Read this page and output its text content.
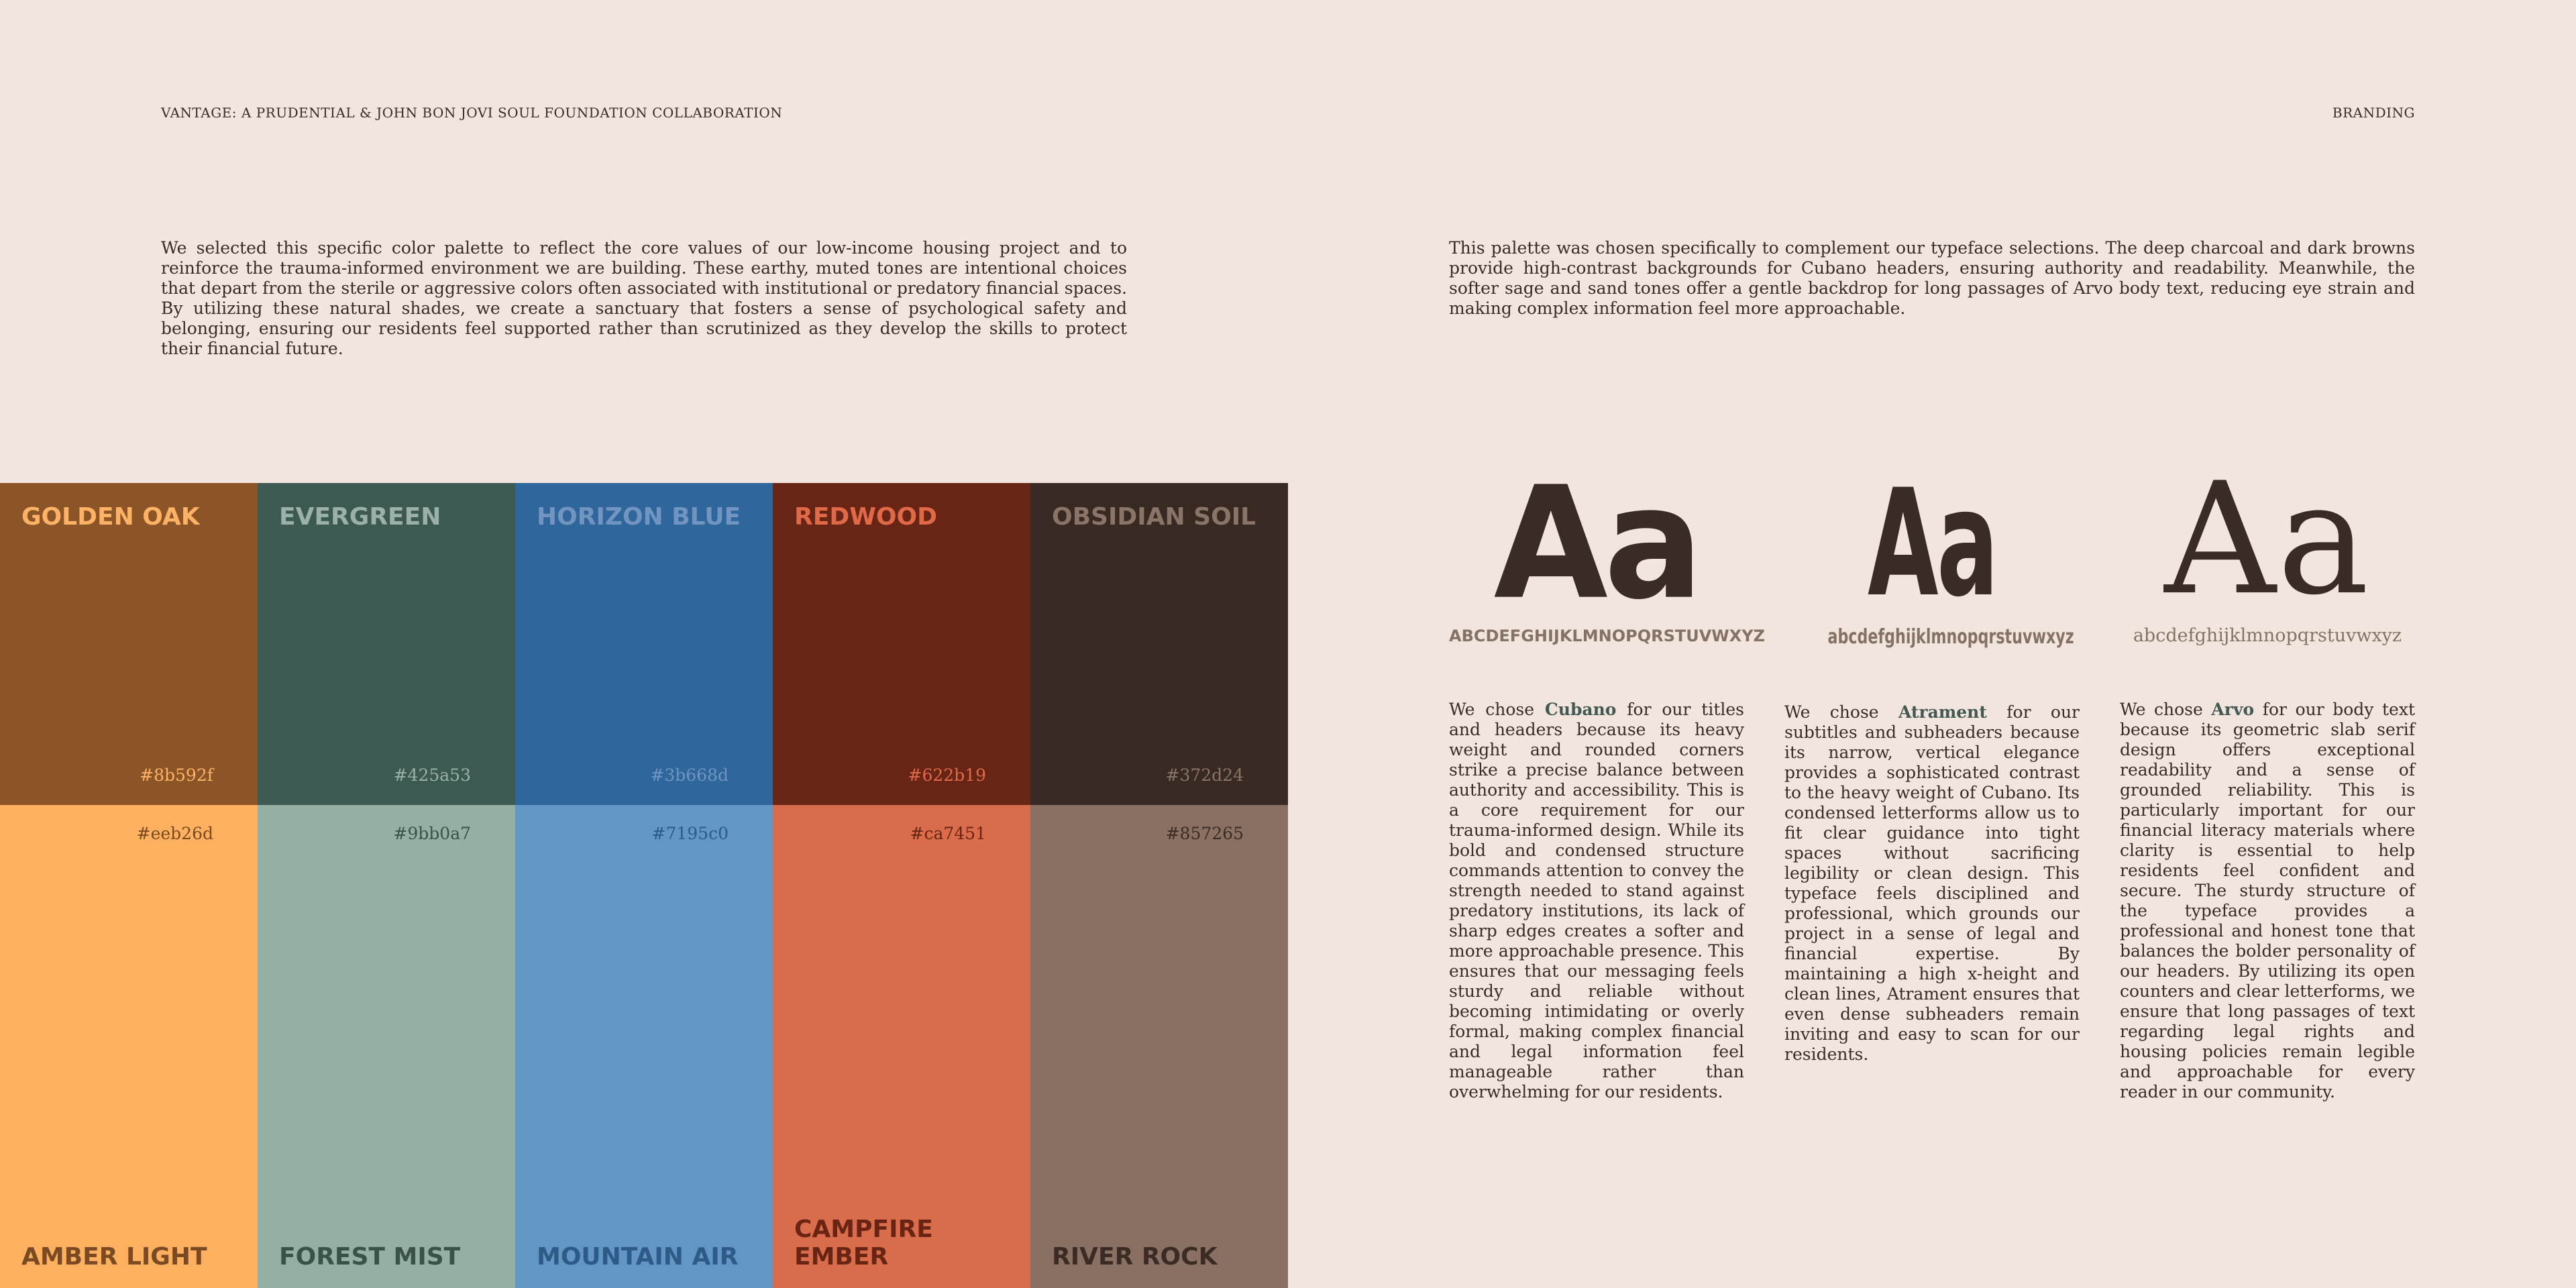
VANTAGE: A PRUDENTIAL & JOHN BON JOVI SOUL FOUNDATION COLLABORATION	BRANDING

We selected this specific color palette to reflect the core values of our low-income housing project and to reinforce the trauma-informed environment we are building. These earthy, muted tones are intentional choices that depart from the sterile or aggressive colors often associated with institutional or predatory financial spaces. By utilizing these natural shades, we create a sanctuary that fosters a sense of psychological safety and belonging, ensuring our residents feel supported rather than scrutinized as they develop the skills to protect their financial future.

This palette was chosen specifically to complement our typeface selections. The deep charcoal and dark browns provide high-contrast backgrounds for Cubano headers, ensuring authority and readability. Meanwhile, the softer sage and sand tones offer a gentle backdrop for long passages of Arvo body text, reducing eye strain and making complex information feel more approachable.

GOLDEN OAK
#8b592f
#eeb26d
AMBER LIGHT
EVERGREEN
#425a53
#9bb0a7
FOREST MIST
HORIZON BLUE
#3b668d
#7195c0
MOUNTAIN AIR
REDWOOD
#622b19
#ca7451
CAMPFIRE EMBER
OBSIDIAN SOIL
#372d24
#857265
RIVER ROCK
Aa
ABCDEFGHIJKLMNOPQRSTUVWXYZ
We chose Cubano for our titles and headers because its heavy weight and rounded corners strike a precise balance between authority and accessibility. This is a core requirement for our trauma-informed design. While its bold and condensed structure commands attention to convey the strength needed to stand against predatory institutions, its lack of sharp edges creates a softer and more approachable presence. This ensures that our messaging feels sturdy and reliable without becoming intimidating or overly formal, making complex financial and legal information feel manageable rather than overwhelming for our residents.
Aa
abcdefghijklmnopqrstuvwxyz
We chose Atrament for our subtitles and subheaders because its narrow, vertical elegance provides a sophisticated contrast to the heavy weight of Cubano. Its condensed letterforms allow us to fit clear guidance into tight spaces without sacrificing legibility or clean design. This typeface feels disciplined and professional, which grounds our project in a sense of legal and financial expertise. By maintaining a high x-height and clean lines, Atrament ensures that even dense subheaders remain inviting and easy to scan for our residents.
Aa
abcdefghijklmnopqrstuvwxyz
We chose Arvo for our body text because its geometric slab serif design offers exceptional readability and a sense of grounded reliability. This is particularly important for our financial literacy materials where clarity is essential to help residents feel confident and secure. The sturdy structure of the typeface provides a professional and honest tone that balances the bolder personality of our headers. By utilizing its open counters and clear letterforms, we ensure that long passages of text regarding legal rights and housing policies remain legible and approachable for every reader in our community.
